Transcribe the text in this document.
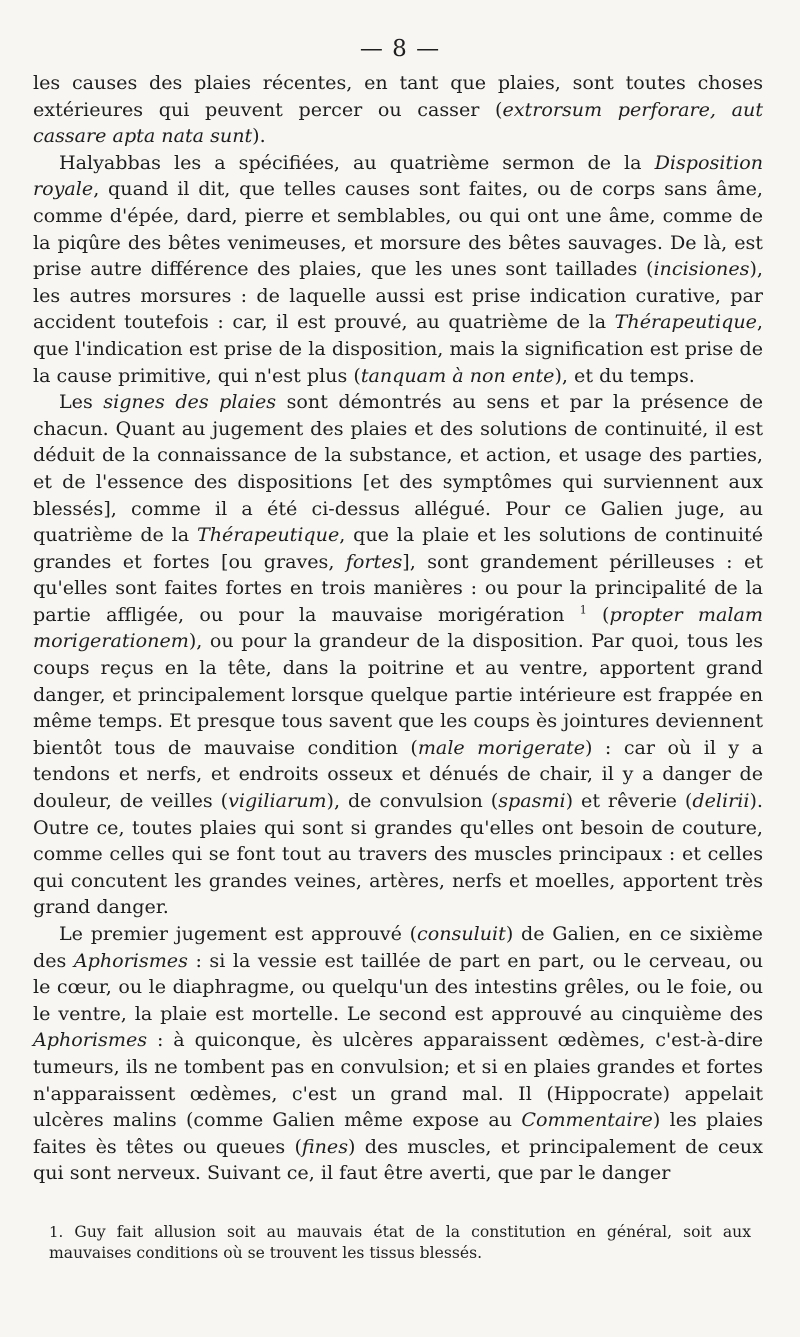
— 8 —

les causes des plaies récentes, en tant que plaies, sont toutes choses extérieures qui peuvent percer ou casser (extrorsum perforare, aut cassare apta nata sunt).

Halyabbas les a spécifiées, au quatrième sermon de la Disposition royale, quand il dit, que telles causes sont faites, ou de corps sans âme, comme d'épée, dard, pierre et semblables, ou qui ont une âme, comme de la piqûre des bêtes venimeuses, et morsure des bêtes sauvages. De là, est prise autre différence des plaies, que les unes sont taillades (incisiones), les autres morsures : de laquelle aussi est prise indication curative, par accident toutefois : car, il est prouvé, au quatrième de la Thérapeutique, que l'indication est prise de la disposition, mais la signification est prise de la cause primitive, qui n'est plus (tanquam à non ente), et du temps.

Les signes des plaies sont démontrés au sens et par la présence de chacun. Quant au jugement des plaies et des solutions de continuité, il est déduit de la connaissance de la substance, et action, et usage des parties, et de l'essence des dispositions [et des symptômes qui surviennent aux blessés], comme il a été ci-dessus allégué. Pour ce Galien juge, au quatrième de la Thérapeutique, que la plaie et les solutions de continuité grandes et fortes [ou graves, fortes], sont grandement périlleuses : et qu'elles sont faites fortes en trois manières : ou pour la principalité de la partie affligée, ou pour la mauvaise morigération $^1$ (propter malam morigerationem), ou pour la grandeur de la disposition. Par quoi, tous les coups reçus en la tête, dans la poitrine et au ventre, apportent grand danger, et principalement lorsque quelque partie intérieure est frappée en même temps. Et presque tous savent que les coups ès jointures deviennent bientôt tous de mauvaise condition (male morigerate) : car où il y a tendons et nerfs, et endroits osseux et dénués de chair, il y a danger de douleur, de veilles (vigiliarum), de convulsion (spasmi) et rêverie (delirii). Outre ce, toutes plaies qui sont si grandes qu'elles ont besoin de couture, comme celles qui se font tout au travers des muscles principaux : et celles qui concutent les grandes veines, artères, nerfs et moelles, apportent très grand danger.

Le premier jugement est approuvé (consuluit) de Galien, en ce sixième des Aphorismes : si la vessie est taillée de part en part, ou le cerveau, ou le cœur, ou le diaphragme, ou quelqu'un des intestins grêles, ou le foie, ou le ventre, la plaie est mortelle. Le second est approuvé au cinquième des Aphorismes : à quiconque, ès ulcères apparaissent œdèmes, c'est-à-dire tumeurs, ils ne tombent pas en convulsion; et si en plaies grandes et fortes n'apparaissent œdèmes, c'est un grand mal. Il (Hippocrate) appelait ulcères malins (comme Galien même expose au Commentaire) les plaies faites ès têtes ou queues (fines) des muscles, et principalement de ceux qui sont nerveux. Suivant ce, il faut être averti, que par le danger

1. Guy fait allusion soit au mauvais état de la constitution en général, soit aux mauvaises conditions où se trouvent les tissus blessés.
